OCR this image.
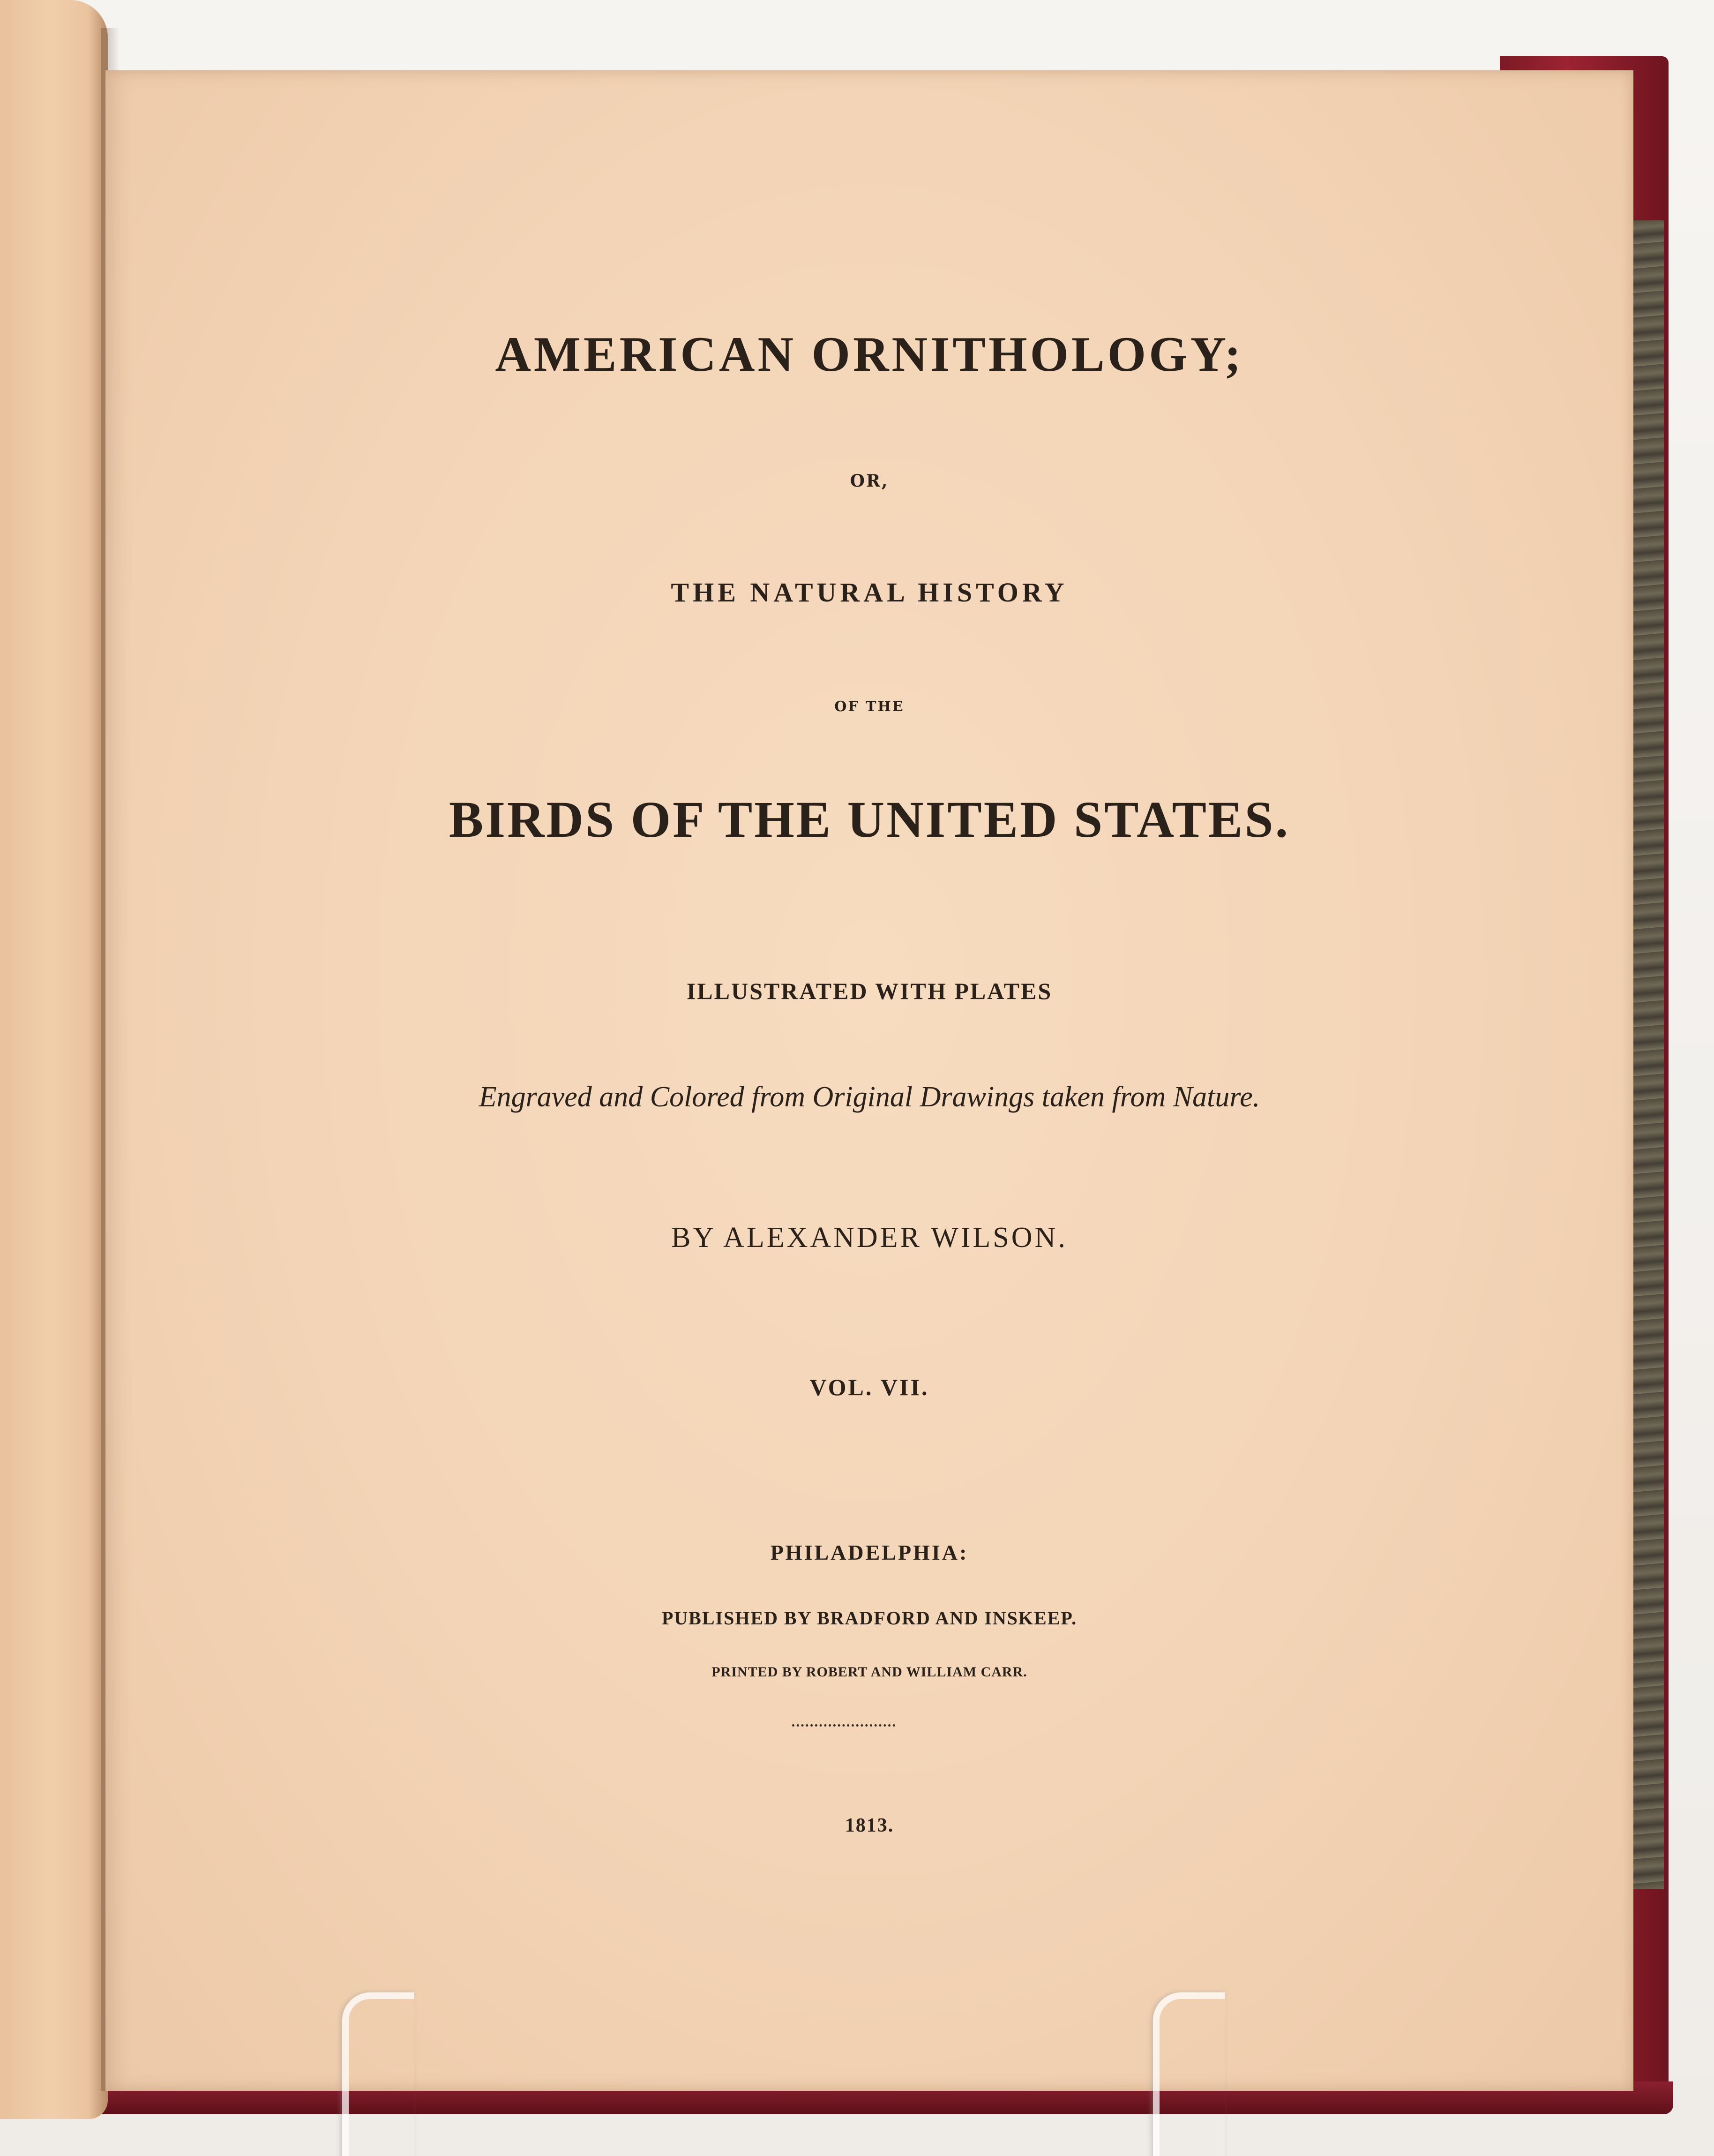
AMERICAN ORNITHOLOGY;
OR,
THE NATURAL HISTORY
OF THE
BIRDS OF THE UNITED STATES.
ILLUSTRATED WITH PLATES
Engraved and Colored from Original Drawings taken from Nature.
BY ALEXANDER WILSON.
VOL. VII.
PHILADELPHIA:
PUBLISHED BY BRADFORD AND INSKEEP.
PRINTED BY ROBERT AND WILLIAM CARR.
1813.
